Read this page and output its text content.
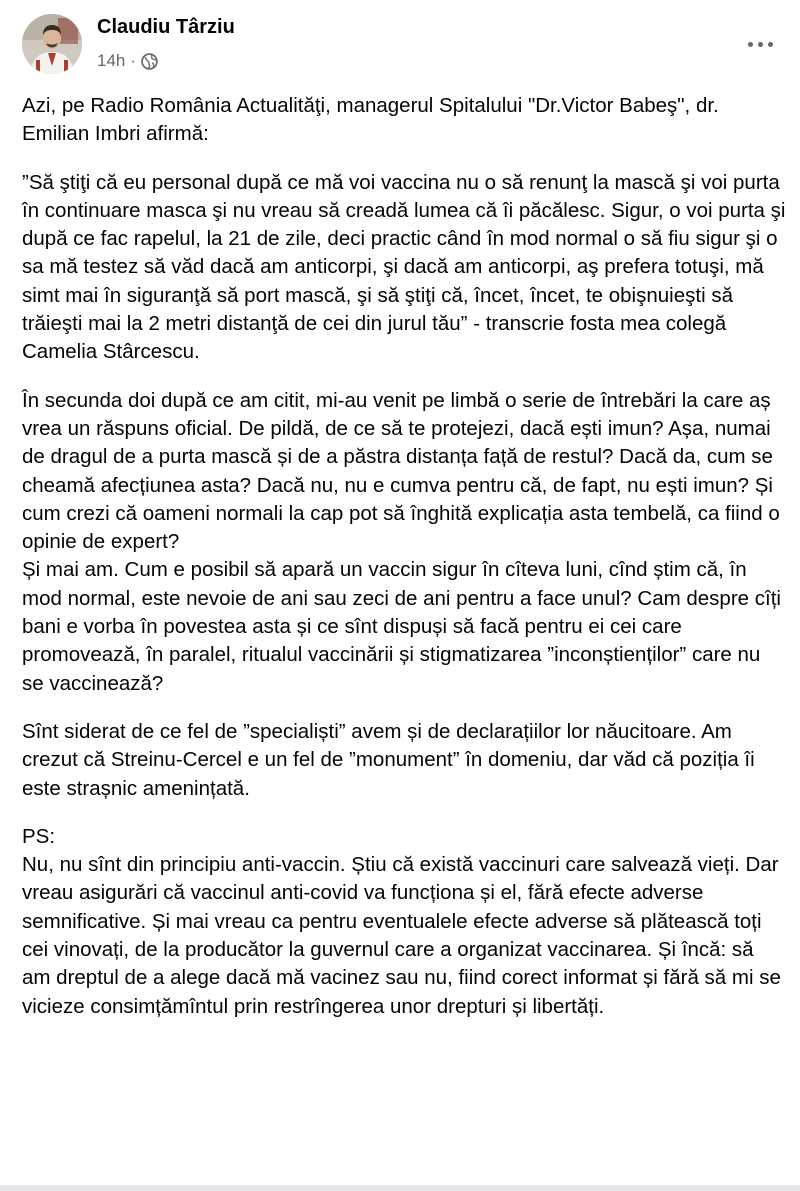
Claudiu Târziu
14h ·

Azi, pe Radio România Actualităţi, managerul Spitalului "Dr.Victor Babeş", dr. Emilian Imbri afirmă:

”Să ştiţi că eu personal după ce mă voi vaccina nu o să renunţ la mască şi voi purta în continuare masca şi nu vreau să creadă lumea că îi păcălesc. Sigur, o voi purta şi după ce fac rapelul, la 21 de zile, deci practic când în mod normal o să fiu sigur şi o sa mă testez să văd dacă am anticorpi, şi dacă am anticorpi, aş prefera totuşi, mă simt mai în siguranţă să port mască, şi să ştiţi că, încet, încet, te obişnuieşti să trăieşti mai la 2 metri distanţă de cei din jurul tău” - transcrie fosta mea colegă Camelia Stârcescu.

În secunda doi după ce am citit, mi-au venit pe limbă o serie de întrebări la care aș vrea un răspuns oficial. De pildă, de ce să te protejezi, dacă ești imun? Așa, numai de dragul de a purta mască și de a păstra distanța față de restul? Dacă da, cum se cheamă afecțiunea asta? Dacă nu, nu e cumva pentru că, de fapt, nu ești imun? Și cum crezi că oameni normali la cap pot să înghită explicația asta tembelă, ca fiind o opinie de expert?
Și mai am. Cum e posibil să apară un vaccin sigur în cîteva luni, cînd știm că, în mod normal, este nevoie de ani sau zeci de ani pentru a face unul? Cam despre cîți bani e vorba în povestea asta și ce sînt dispuși să facă pentru ei cei care promovează, în paralel, ritualul vaccinării și stigmatizarea ”inconștienților” care nu se vaccinează?

Sînt siderat de ce fel de ”specialiști” avem și de declarațiilor lor năucitoare. Am crezut că Streinu-Cercel e un fel de ”monument” în domeniu, dar văd că poziția îi este strașnic amenințată.

PS:
Nu, nu sînt din principiu anti-vaccin. Știu că există vaccinuri care salvează vieți. Dar vreau asigurări că vaccinul anti-covid va funcționa și el, fără efecte adverse semnificative. Și mai vreau ca pentru eventualele efecte adverse să plătească toți cei vinovați, de la producător la guvernul care a organizat vaccinarea. Și încă: să am dreptul de a alege dacă mă vacinez sau nu, fiind corect informat și fără să mi se vicieze consimțămîntul prin restrîngerea unor drepturi și libertăți.
